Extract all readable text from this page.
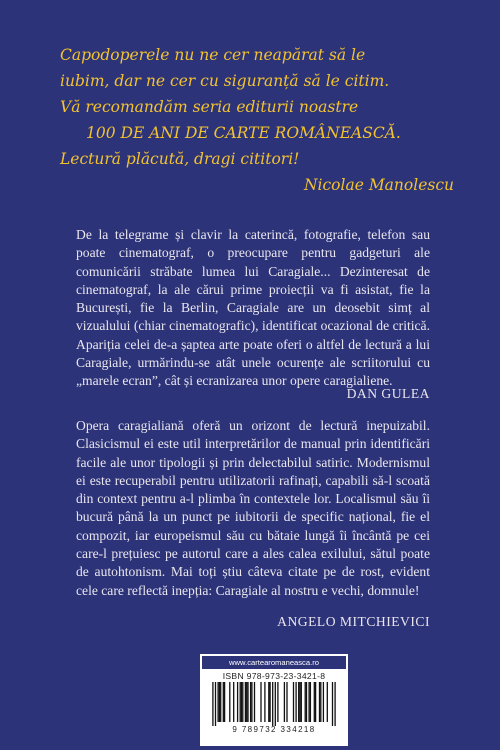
Capodoperele nu ne cer neapărat să le
iubim, dar ne cer cu siguranță să le citim.
Vă recomandăm seria editurii noastre
100 DE ANI DE CARTE ROMÂNEASCĂ.
Lectură plăcută, dragi cititori!
Nicolae Manolescu
De la telegrame și clavir la caterincă, fotografie, telefon sau poate cinematograf, o preocupare pentru gadgeturi ale comunicării străbate lumea lui Caragiale... Dezinteresat de cinematograf, la ale cărui prime proiecții va fi asistat, fie la București, fie la Berlin, Caragiale are un deosebit simț al vizualului (chiar cinematografic), identificat ocazional de critică. Apariția celei de-a șaptea arte poate oferi o altfel de lectură a lui Caragiale, urmărindu-se atât unele ocurențe ale scriitorului cu „marele ecran”, cât și ecranizarea unor opere caragialiene.
DAN GULEA
Opera caragialiană oferă un orizont de lectură inepuizabil. Clasicismul ei este util interpretărilor de manual prin identificări facile ale unor tipologii și prin delectabilul satiric. Modernismul ei este recuperabil pentru utilizatorii rafinați, capabili să-l scoată din context pentru a-l plimba în contextele lor. Localismul său îi bucură până la un punct pe iubitorii de specific național, fie el compozit, iar europeismul său cu bătaie lungă îi încântă pe cei care-l prețuiesc pe autorul care a ales calea exilului, sătul poate de autohtonism. Mai toți știu câteva citate pe de rost, evident cele care reflectă inepția: Caragiale al nostru e vechi, domnule!
ANGELO MITCHIEVICI
www.cartearomaneasca.ro
ISBN 978-973-23-3421-8
9 789732 334218
